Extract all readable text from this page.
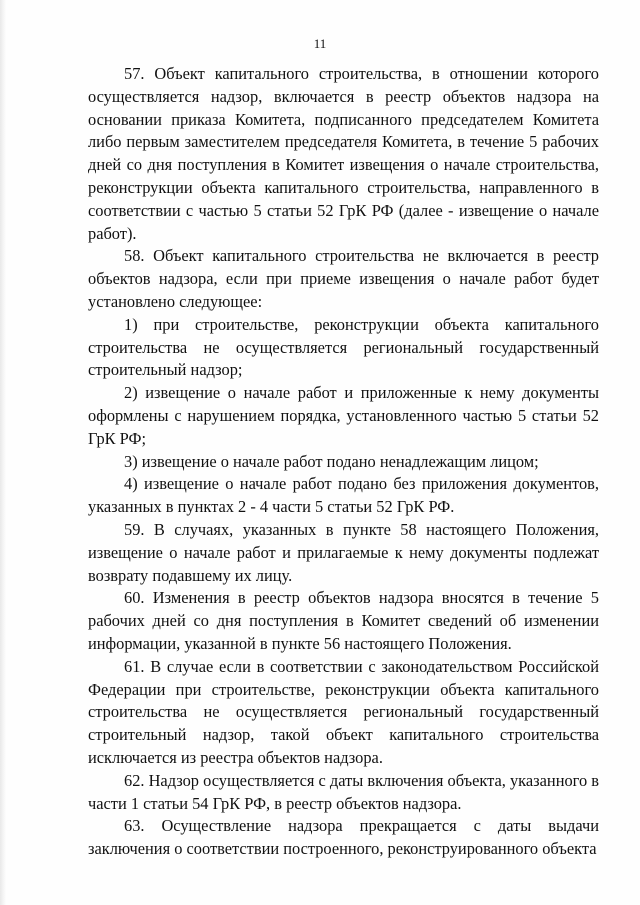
11

57. Объект капитального строительства, в отношении которого осуществляется надзор, включается в реестр объектов надзора на основании приказа Комитета, подписанного председателем Комитета либо первым заместителем председателя Комитета, в течение 5 рабочих дней со дня поступления в Комитет извещения о начале строительства, реконструкции объекта капитального строительства, направленного в соответствии с частью 5 статьи 52 ГрК РФ (далее - извещение о начале работ).

58. Объект капитального строительства не включается в реестр объектов надзора, если при приеме извещения о начале работ будет установлено следующее:

1) при строительстве, реконструкции объекта капитального строительства не осуществляется региональный государственный строительный надзор;

2) извещение о начале работ и приложенные к нему документы оформлены с нарушением порядка, установленного частью 5 статьи 52 ГрК РФ;

3) извещение о начале работ подано ненадлежащим лицом;

4) извещение о начале работ подано без приложения документов, указанных в пунктах 2 - 4 части 5 статьи 52 ГрК РФ.

59. В случаях, указанных в пункте 58 настоящего Положения, извещение о начале работ и прилагаемые к нему документы подлежат возврату подавшему их лицу.

60. Изменения в реестр объектов надзора вносятся в течение 5 рабочих дней со дня поступления в Комитет сведений об изменении информации, указанной в пункте 56 настоящего Положения.

61. В случае если в соответствии с законодательством Российской Федерации при строительстве, реконструкции объекта капитального строительства не осуществляется региональный государственный строительный надзор, такой объект капитального строительства исключается из реестра объектов надзора.

62. Надзор осуществляется с даты включения объекта, указанного в части 1 статьи 54 ГрК РФ, в реестр объектов надзора.

63. Осуществление надзора прекращается с даты выдачи заключения о соответствии построенного, реконструированного объекта
